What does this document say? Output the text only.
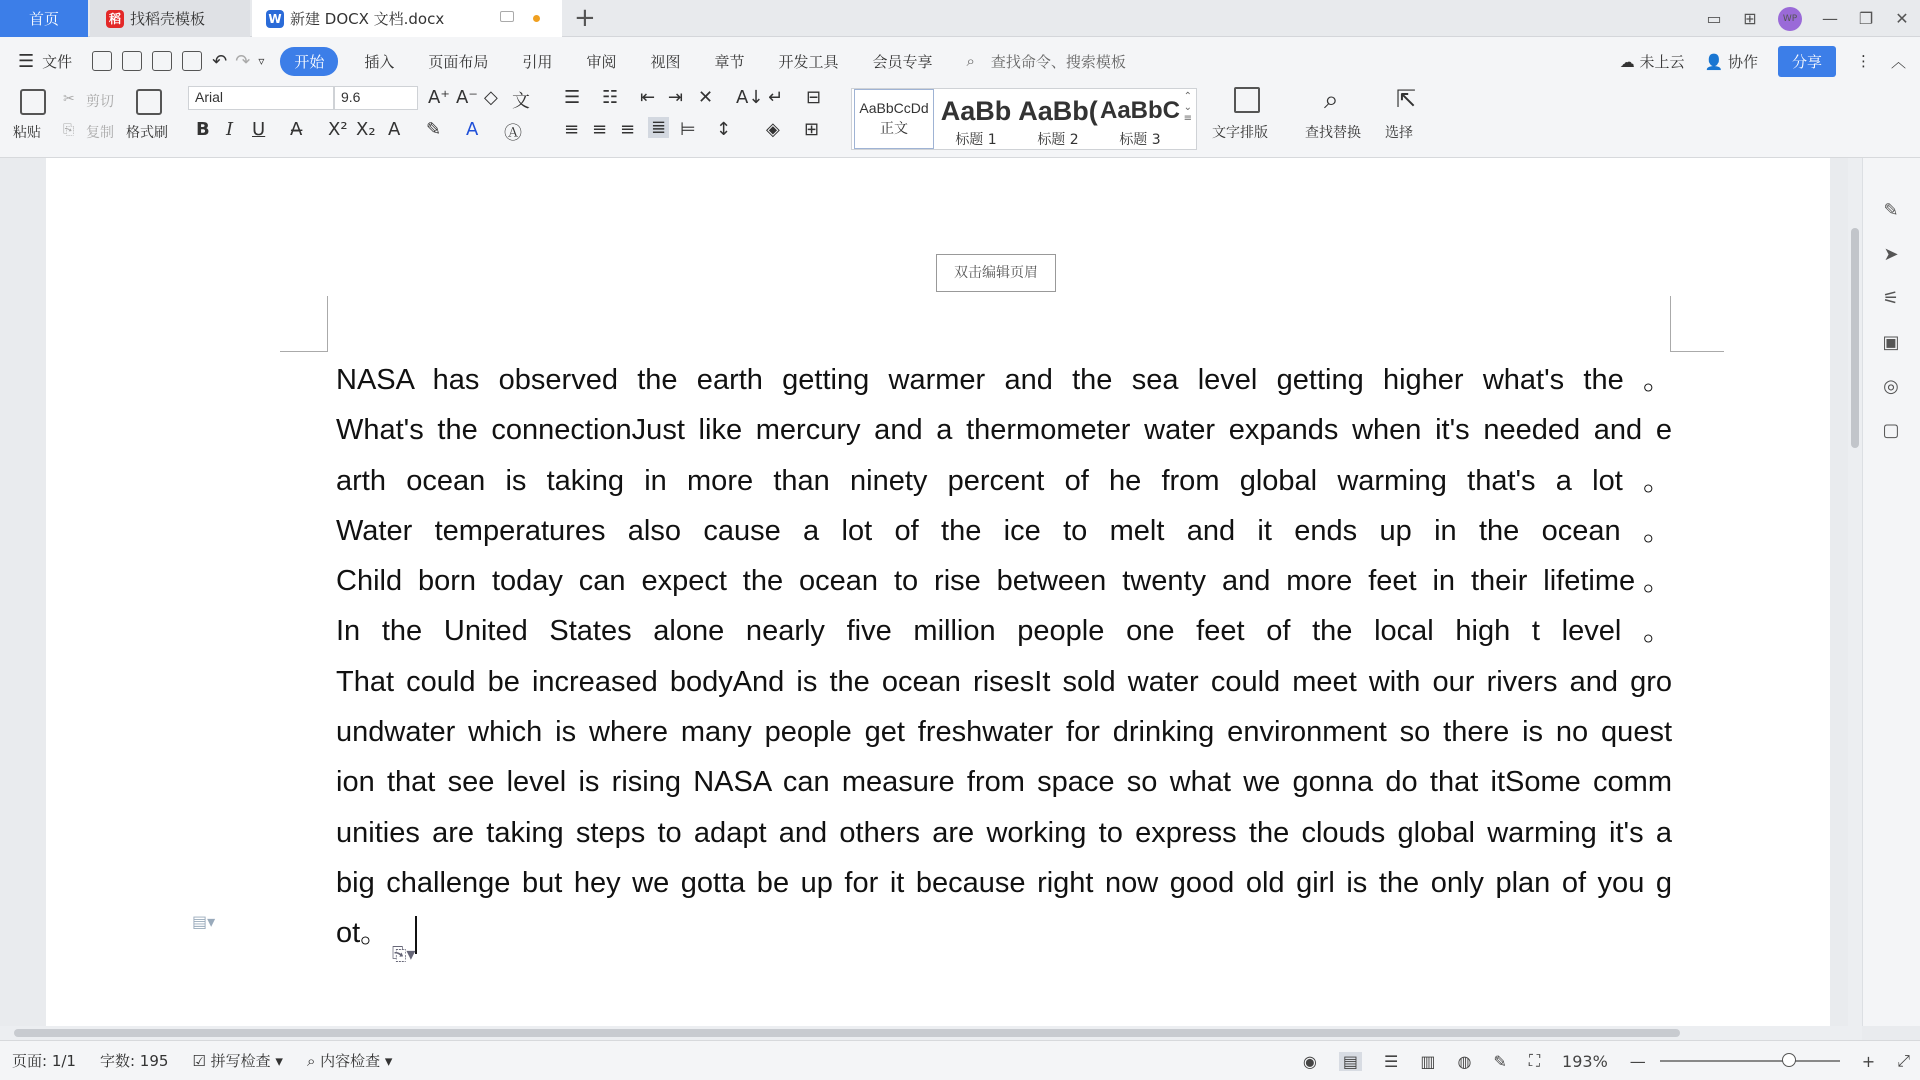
首页	稻 找稻壳模板	W 新建 DOCX 文档.docx	+	▭	⊞	WP	—	❐	✕
☰ 文件	↶ ↷ ▿	开始	插入 页面布局 引用 审阅 视图 章节 开发工具 会员专享 ⌕ 查找命令、搜索模板	☁ 未上云 👤 协作	分享	⋮ ︿
粘贴
✂ 剪切
⎘ 复制 格式刷
Arial	9.6	A⁺ A⁻ ◇ 文
B I U A̶ X² X₂ A ✎ A Ⓐ
☰ ☷ ⇤ ⇥ ✕ A↓ ↵ ⊟
≡ ≡ ≡ ≣ ⊨ ↕ ◈ ⊞
AaBbCcDd
正文
AaBb
标题 1
AaBb(
标题 2
AaBbC
标题 3
⌃
⌄
≡
文字排版
⌕
查找替换
⇱
选择
双击编辑页眉
NASA has observed the earth getting warmer and the sea level getting higher what's the 。
What's the connectionJust like mercury and a thermometer water expands when it's needed and e
arth ocean is taking in more than ninety percent of he from global warming that's a lot 。
Water temperatures also cause a lot of the ice to melt and it ends up in the ocean 。
Child born today can expect the ocean to rise between twenty and more feet in their lifetime。
In the United States alone nearly five million people one feet of the local high t level 。
That could be increased bodyAnd is the ocean risesIt sold water could meet with our rivers and gro
undwater which is where many people get freshwater for drinking environment so there is no quest
ion that see level is rising NASA can measure from space so what we gonna do that itSome comm
unities are taking steps to adapt and others are working to express the clouds global warming it's a
big challenge but hey we gotta be up for it because right now good old girl is the only plan of you g
ot。
▤▾
⎘▾
✎
➤
⚟
▣
◎
▢
页面: 1/1 字数: 195 ☑ 拼写检查 ▾ ⌕ 内容检查 ▾	◉ ▤ ☰ ▥ ◍ ✎ ⛶ 193% —	+ ⤢
